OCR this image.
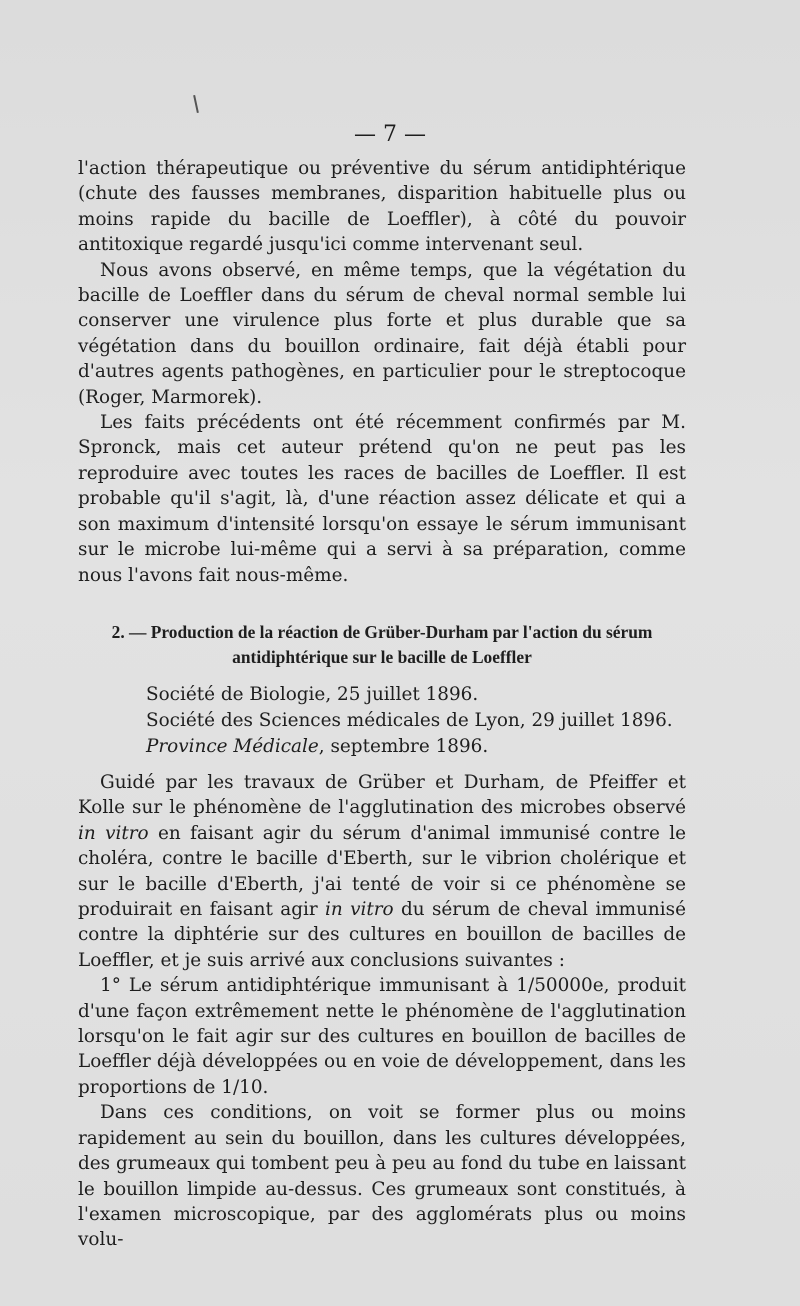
— 7 —

l'action thérapeutique ou préventive du sérum antidiphtérique (chute des fausses membranes, disparition habituelle plus ou moins rapide du bacille de Loeffler), à côté du pouvoir antitoxique regardé jusqu'ici comme intervenant seul.

Nous avons observé, en même temps, que la végétation du bacille de Loeffler dans du sérum de cheval normal semble lui conserver une virulence plus forte et plus durable que sa végétation dans du bouillon ordinaire, fait déjà établi pour d'autres agents pathogènes, en particulier pour le streptocoque (Roger, Marmorek).

Les faits précédents ont été récemment confirmés par M. Spronck, mais cet auteur prétend qu'on ne peut pas les reproduire avec toutes les races de bacilles de Loeffler. Il est probable qu'il s'agit, là, d'une réaction assez délicate et qui a son maximum d'intensité lorsqu'on essaye le sérum immunisant sur le microbe lui-même qui a servi à sa préparation, comme nous l'avons fait nous-même.

2. — Production de la réaction de Grüber-Durham par l'action du sérum antidiphtérique sur le bacille de Loeffler
Société de Biologie, 25 juillet 1896.
Société des Sciences médicales de Lyon, 29 juillet 1896.
Province Médicale, septembre 1896.

Guidé par les travaux de Grüber et Durham, de Pfeiffer et Kolle sur le phénomène de l'agglutination des microbes observé in vitro en faisant agir du sérum d'animal immunisé contre le choléra, contre le bacille d'Eberth, sur le vibrion cholérique et sur le bacille d'Eberth, j'ai tenté de voir si ce phénomène se produirait en faisant agir in vitro du sérum de cheval immunisé contre la diphtérie sur des cultures en bouillon de bacilles de Loeffler, et je suis arrivé aux conclusions suivantes :

1° Le sérum antidiphtérique immunisant à 1/50000e, produit d'une façon extrêmement nette le phénomène de l'agglutination lorsqu'on le fait agir sur des cultures en bouillon de bacilles de Loeffler déjà développées ou en voie de développement, dans les proportions de 1/10.

Dans ces conditions, on voit se former plus ou moins rapidement au sein du bouillon, dans les cultures développées, des grumeaux qui tombent peu à peu au fond du tube en laissant le bouillon limpide au-dessus. Ces grumeaux sont constitués, à l'examen microscopique, par des agglomérats plus ou moins volu-
